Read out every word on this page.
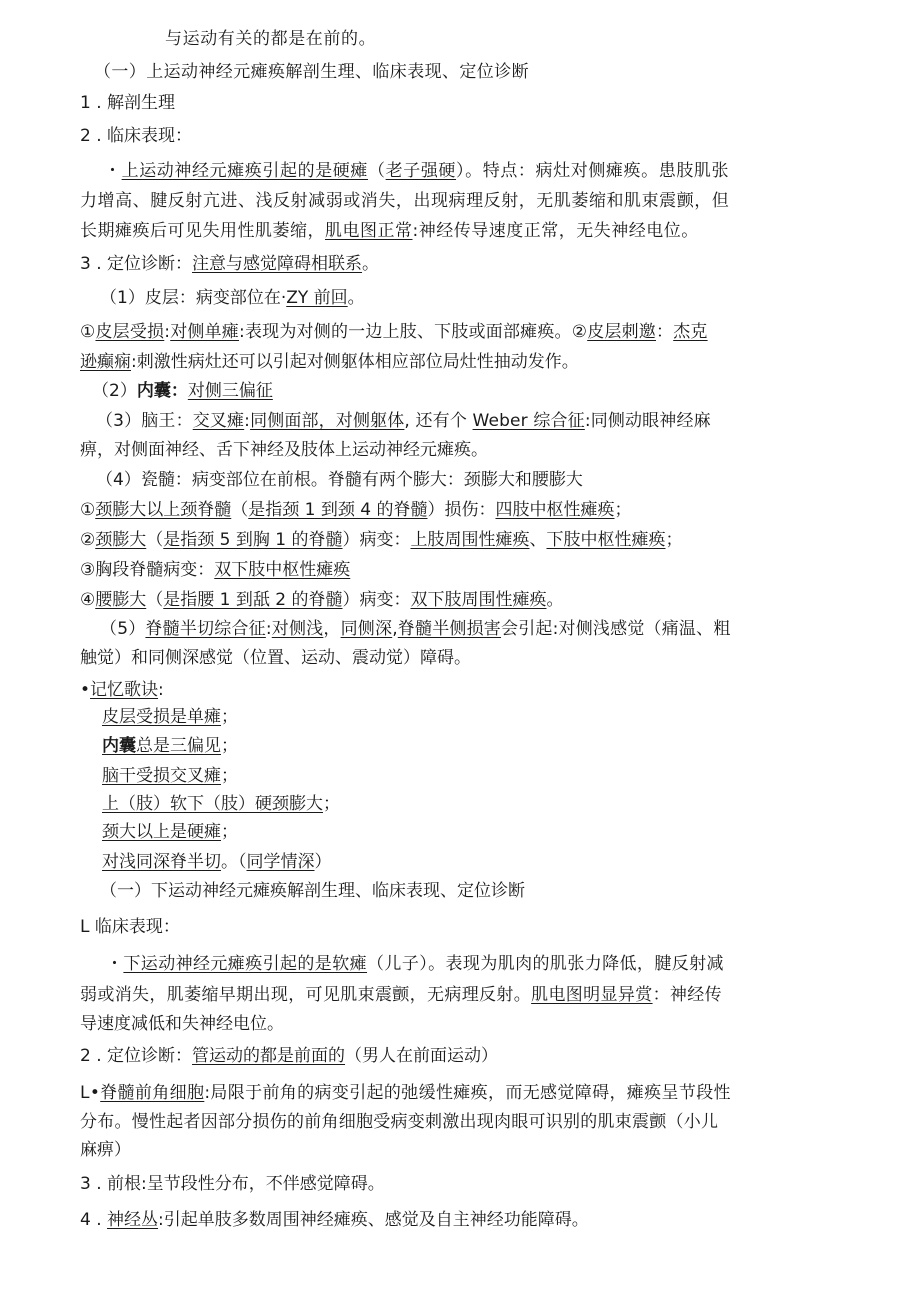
与运动有关的都是在前的。
（一）上运动神经元瘫痪解剖生理、临床表现、定位诊断
1 . 解剖生理
2 . 临床表现：
・上运动神经元瘫痪引起的是硬瘫（老子强硬）。特点：病灶对侧瘫痪。患肢肌张
力增高、腱反射亢进、浅反射减弱或消失，出现病理反射，无肌萎缩和肌束震颤，但
长期瘫痪后可见失用性肌萎缩，肌电图正常:神经传导速度正常，无失神经电位。
3 . 定位诊断：注意与感觉障碍相联系。
（1）皮层：病变部位在·ZY 前回。
①皮层受损:对侧单瘫:表现为对侧的一边上肢、下肢或面部瘫痪。②皮层刺邀：杰克
逊癫痫:刺激性病灶还可以引起对侧躯体相应部位局灶性抽动发作。
（2）内囊：对侧三偏征
（3）脑王：交叉瘫:同侧面部，对侧躯体, 还有个 Weber 综合征:同侧动眼神经麻
痹，对侧面神经、舌下神经及肢体上运动神经元瘫痪。
（4）瓷髓：病变部位在前根。脊髓有两个膨大：颈膨大和腰膨大
①颈膨大以上颈脊髓（是指颈 1 到颈 4 的脊髓）损伤：四肢中枢性瘫痪；
②颈膨大（是指颈 5 到胸 1 的脊髓）病变：上肢周围性瘫痪、下肢中枢性瘫痪；
③胸段脊髓病变：双下肢中枢性瘫痪
④腰膨大（是指腰 1 到舐 2 的脊髓）病变：双下肢周围性瘫痪。
（5）脊髓半切综合征:对侧浅，同侧深,脊髓半侧损害会引起:对侧浅感觉（痛温、粗
触觉）和同侧深感觉（位置、运动、震动觉）障碍。
•记忆歌诀:
皮层受损是单瘫；
内囊总是三偏见；
脑干受损交叉瘫；
上（肢）软下（肢）硬颈膨大；
颈大以上是硬瘫；
对浅同深脊半切。（同学情深）
（一）下运动神经元瘫痪解剖生理、临床表现、定位诊断
L 临床表现：
・下运动神经元瘫痪引起的是软瘫（儿子）。表现为肌肉的肌张力降低，腱反射减
弱或消失，肌萎缩早期出现，可见肌束震颤，无病理反射。肌电图明显异赏：神经传
导速度减低和失神经电位。
2 . 定位诊断：管运动的都是前面的（男人在前面运动）
L•脊髓前角细胞:局限于前角的病变引起的弛缓性瘫痪，而无感觉障碍，瘫痪呈节段性
分布。慢性起者因部分损伤的前角细胞受病变刺激出现肉眼可识别的肌束震颤（小儿
麻痹）
3 . 前根:呈节段性分布，不伴感觉障碍。
4 . 神经丛:引起单肢多数周围神经瘫痪、感觉及自主神经功能障碍。
